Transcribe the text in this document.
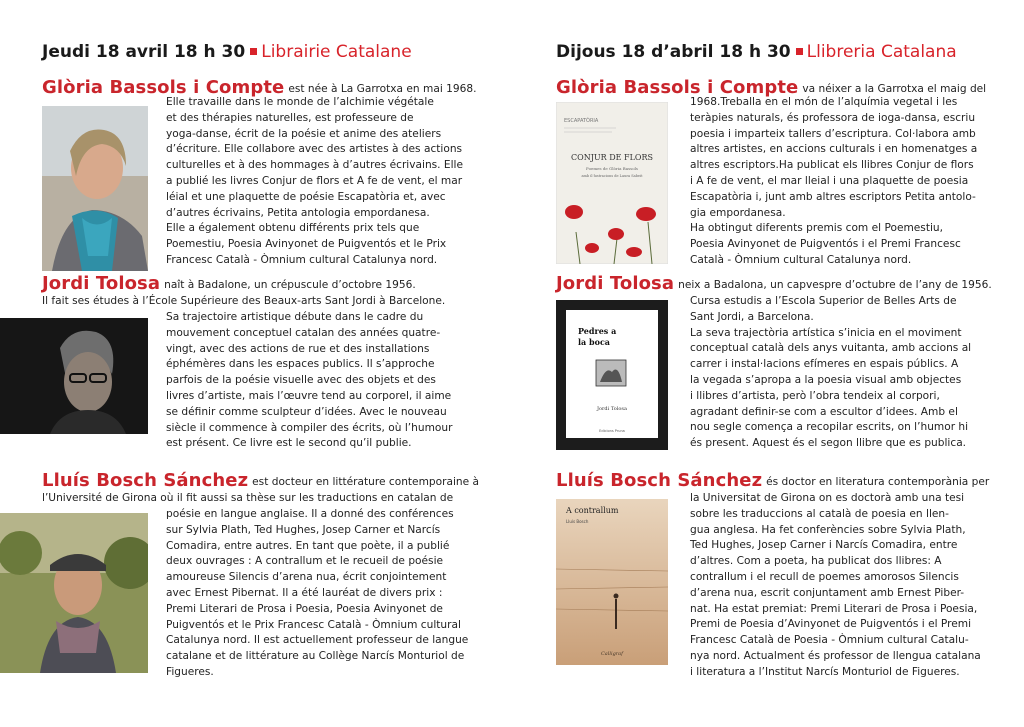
Jeudi 18 avril 18 h 30 Librairie Catalane
Glòria Bassols i Compte est née à La Garrotxa en mai 1968.
Elle travaille dans le monde de l’alchimie végétale
et des thérapies naturelles, est professeure de
yoga-danse, écrit de la poésie et anime des ateliers
d’écriture. Elle collabore avec des artistes à des actions
culturelles et à des hommages à d’autres écrivains. Elle
a publié les livres Conjur de flors et A fe de vent, el mar
léial et une plaquette de poésie Escapatòria et, avec
d’autres écrivains, Petita antologia empordanesa.
Elle a également obtenu différents prix tels que
Poemestiu, Poesia Avinyonet de Puigventós et le Prix
Francesc Català - Òmnium cultural Catalunya nord.
Jordi Tolosa naît à Badalone, un crépuscule d’octobre 1956.
Il fait ses études à l’École Supérieure des Beaux-arts Sant Jordi à Barcelone.
Sa trajectoire artistique débute dans le cadre du
mouvement conceptuel catalan des années quatre-
vingt, avec des actions de rue et des installations
éphémères dans les espaces publics. Il s’approche
parfois de la poésie visuelle avec des objets et des
livres d’artiste, mais l’œuvre tend au corporel, il aime
se définir comme sculpteur d’idées. Avec le nouveau
siècle il commence à compiler des écrits, où l’humour
est présent. Ce livre est le second qu’il publie.
Lluís Bosch Sánchez est docteur en littérature contemporaine à
l’Université de Girona où il fit aussi sa thèse sur les traductions en catalan de
poésie en langue anglaise. Il a donné des conférences
sur Sylvia Plath, Ted Hughes, Josep Carner et Narcís
Comadira, entre autres. En tant que poète, il a publié
deux ouvrages : A contrallum et le recueil de poésie
amoureuse Silencis d’arena nua, écrit conjointement
avec Ernest Pibernat. Il a été lauréat de divers prix :
Premi Literari de Prosa i Poesia, Poesia Avinyonet de
Puigventós et le Prix Francesc Català - Òmnium cultural
Catalunya nord. Il est actuellement professeur de langue
catalane et de littérature au Collège Narcís Monturiol de
Figueres.
Dijous 18 d’abril 18 h 30 Llibreria Catalana
Glòria Bassols i Compte va néixer a la Garrotxa el maig del
ESCAPATÒRIA
CONJUR DE FLORS
Poemes de Glòria Bassols
amb il·lustracions de Laura Sabeit
1968.Treballa en el món de l’alquímia vegetal i les
teràpies naturals, és professora de ioga-dansa, escriu
poesia i imparteix tallers d’escriptura. Col·labora amb
altres artistes, en accions culturals i en homenatges a
altres escriptors.Ha publicat els llibres Conjur de flors
i A fe de vent, el mar lleial i una plaquette de poesia
Escapatòria i, junt amb altres escriptors Petita antolo-
gia empordanesa.
Ha obtingut diferents premis com el Poemestiu,
Poesia Avinyonet de Puigventós i el Premi Francesc
Català - Òmnium cultural Catalunya nord.
Jordi Tolosa neix a Badalona, un capvespre d’octubre de l’any de 1956.
Pedres a
la boca
Jordi Tolosa
Edicions Pruna
Cursa estudis a l’Escola Superior de Belles Arts de
Sant Jordi, a Barcelona.
La seva trajectòria artística s’inicia en el moviment
conceptual català dels anys vuitanta, amb accions al
carrer i instal·lacions efímeres en espais públics. A
la vegada s’apropa a la poesia visual amb objectes
i llibres d’artista, però l’obra tendeix al corpori,
agradant definir-se com a escultor d’idees. Amb el
nou segle comença a recopilar escrits, on l’humor hi
és present. Aquest és el segon llibre que es publica.
Lluís Bosch Sánchez és doctor en literatura contemporània per
A contrallum
Lluís Bosch
Calligraf
la Universitat de Girona on es doctorà amb una tesi
sobre les traduccions al català de poesia en llen-
gua anglesa. Ha fet conferències sobre Sylvia Plath,
Ted Hughes, Josep Carner i Narcís Comadira, entre
d’altres. Com a poeta, ha publicat dos llibres: A
contrallum i el recull de poemes amorosos Silencis
d’arena nua, escrit conjuntament amb Ernest Piber-
nat. Ha estat premiat: Premi Literari de Prosa i Poesia,
Premi de Poesia d’Avinyonet de Puigventós i el Premi
Francesc Català de Poesia - Òmnium cultural Catalu-
nya nord. Actualment és professor de llengua catalana
i literatura a l’Institut Narcís Monturiol de Figueres.
